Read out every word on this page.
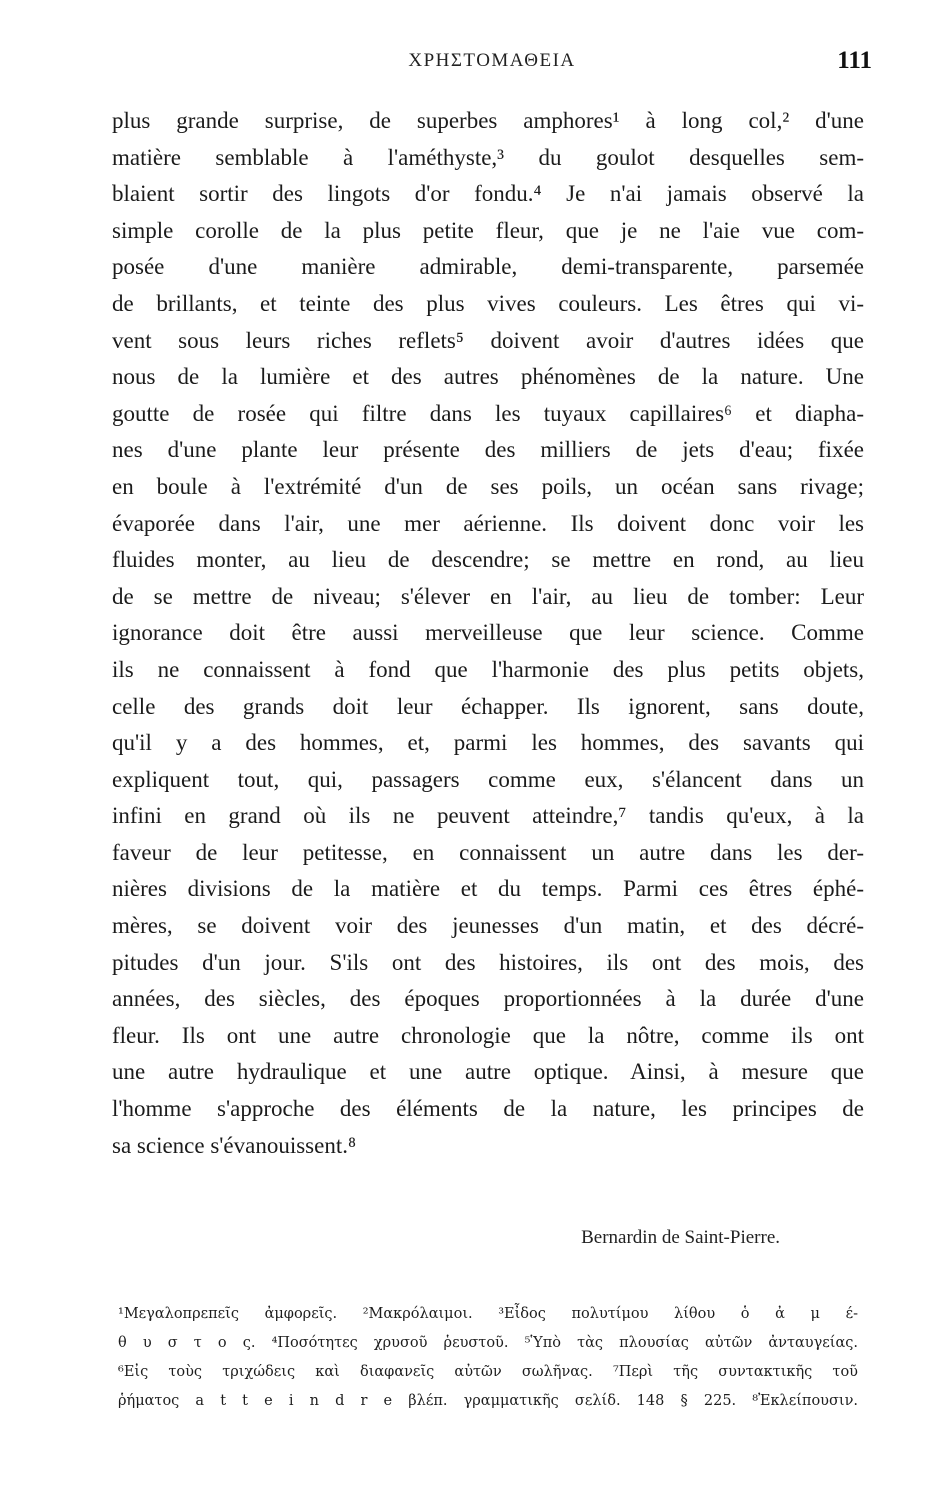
ΧΡΗΣΤΟΜΑΘΕΙΑ	111
plus grande surprise, de superbes amphores¹ à long col,² d'une
matière semblable à l'améthyste,³ du goulot desquelles sem-
blaient sortir des lingots d'or fondu.⁴ Je n'ai jamais observé la
simple corolle de la plus petite fleur, que je ne l'aie vue com-
posée d'une manière admirable, demi-transparente, parsemée
de brillants, et teinte des plus vives couleurs. Les êtres qui vi-
vent sous leurs riches reflets⁵ doivent avoir d'autres idées que
nous de la lumière et des autres phénomènes de la nature. Une
goutte de rosée qui filtre dans les tuyaux capillaires⁶ et diapha-
nes d'une plante leur présente des milliers de jets d'eau; fixée
en boule à l'extrémité d'un de ses poils, un océan sans rivage;
évaporée dans l'air, une mer aérienne. Ils doivent donc voir les
fluides monter, au lieu de descendre; se mettre en rond, au lieu
de se mettre de niveau; s'élever en l'air, au lieu de tomber: Leur
ignorance doit être aussi merveilleuse que leur science. Comme
ils ne connaissent à fond que l'harmonie des plus petits objets,
celle des grands doit leur échapper. Ils ignorent, sans doute,
qu'il y a des hommes, et, parmi les hommes, des savants qui
expliquent tout, qui, passagers comme eux, s'élancent dans un
infini en grand où ils ne peuvent atteindre,⁷ tandis qu'eux, à la
faveur de leur petitesse, en connaissent un autre dans les der-
nières divisions de la matière et du temps. Parmi ces êtres éphé-
mères, se doivent voir des jeunesses d'un matin, et des décré-
pitudes d'un jour. S'ils ont des histoires, ils ont des mois, des
années, des siècles, des époques proportionnées à la durée d'une
fleur. Ils ont une autre chronologie que la nôtre, comme ils ont
une autre hydraulique et une autre optique. Ainsi, à mesure que
l'homme s'approche des éléments de la nature, les principes de
sa science s'évanouissent.⁸
Bernardin de Saint-Pierre.
¹Μεγαλοπρεπεῖς ἀμφορεῖς. ²Μακρόλαιμοι. ³Εἶδος πολυτίμου λίθου ὁ ἀ μ έ-
θ υ σ τ ο ς. ⁴Ποσότητες χρυσοῦ ῥευστοῦ. ⁵Ὑπὸ τὰς πλουσίας αὐτῶν ἀνταυγείας.
⁶Εἰς τοὺς τριχώδεις καὶ διαφανεῖς αὐτῶν σωλῆνας. ⁷Περὶ τῆς συντακτικῆς τοῦ
ῥήματος a t t e i n d r e βλέπ. γραμματικῆς σελίδ. 148 § 225. ⁸Ἐκλείπουσιν.
